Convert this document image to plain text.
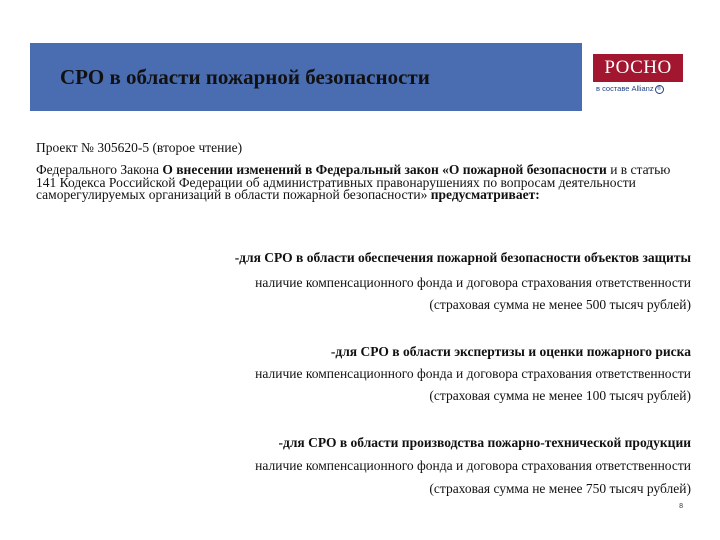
СРО в области пожарной безопасности	РОСНО
в составе Allianz ®
Проект № 305620-5 (второе чтение)
Федерального Закона О внесении изменений в Федеральный закон «О пожарной безопасности и в статью 141 Кодекса Российской Федерации об административных правонарушениях по вопросам деятельности саморегулируемых организаций в области пожарной безопасности» предусматривает:
-для СРО в области обеспечения пожарной безопасности объектов защиты
наличие компенсационного фонда и договора страхования ответственности
(страховая сумма не менее 500 тысяч рублей)
-для СРО в области экспертизы и оценки пожарного риска
наличие компенсационного фонда и договора страхования ответственности
(страховая сумма не менее 100 тысяч рублей)
-для СРО в области производства пожарно-технической продукции
наличие компенсационного фонда и договора страхования ответственности
(страховая сумма не менее 750 тысяч рублей)
8
